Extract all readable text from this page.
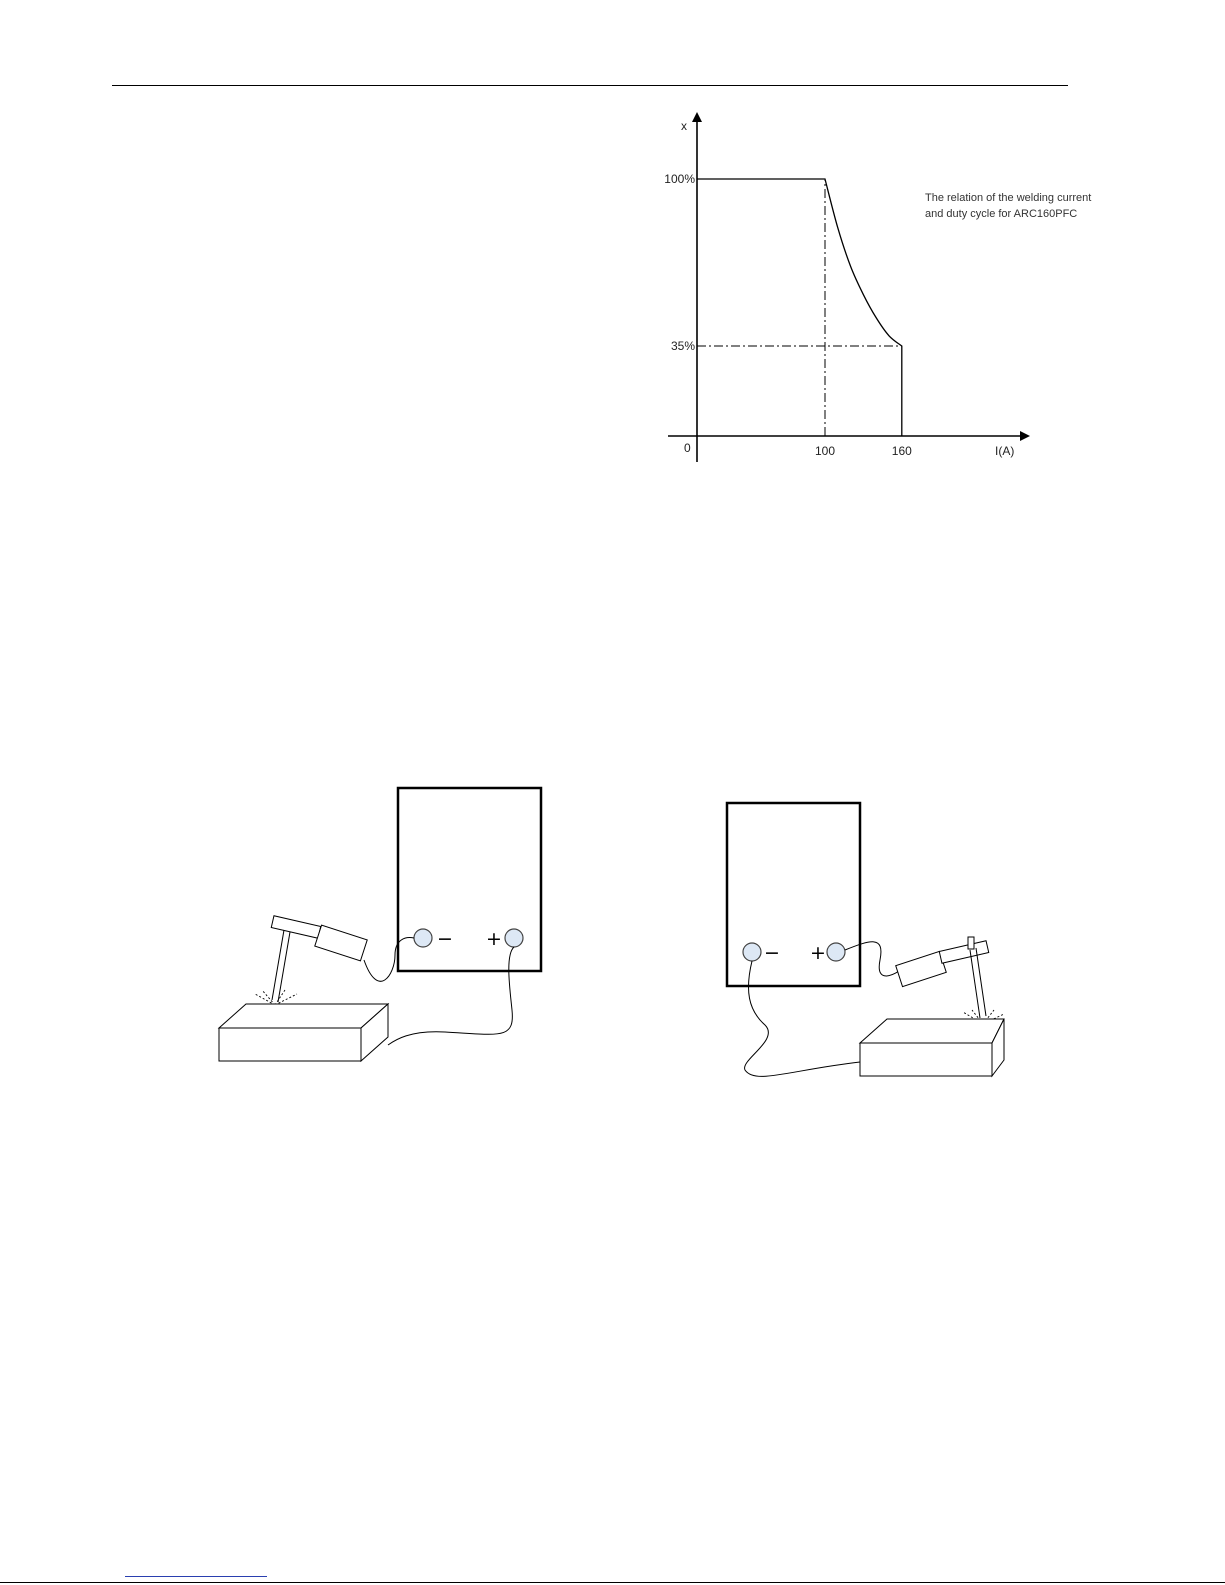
100	160
35%
100%
x
I(A)
0
The relation of the welding current
and duty cycle for ARC160PFC
− +
− +
